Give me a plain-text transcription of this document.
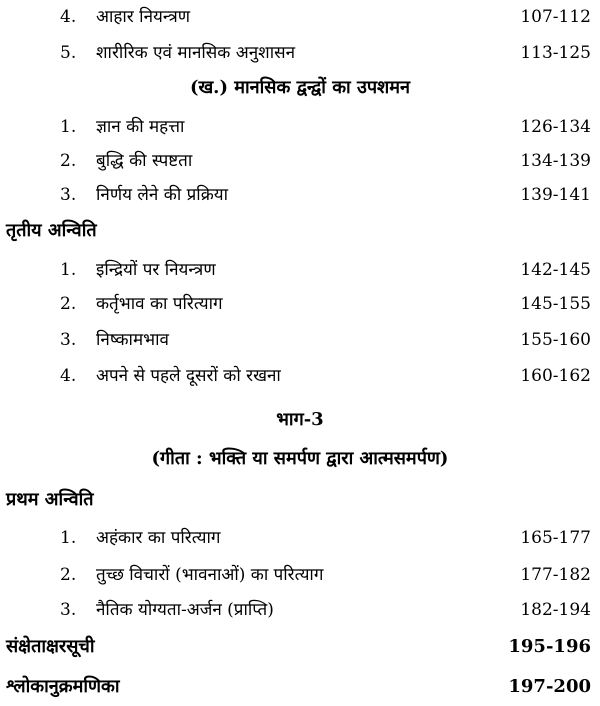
4. आहार नियन्त्रण	107-112
5. शारीरिक एवं मानसिक अनुशासन	113-125
(ख.) मानसिक द्वन्द्वों का उपशमन
1. ज्ञान की महत्ता	126-134
2. बुद्धि की स्पष्टता	134-139
3. निर्णय लेने की प्रक्रिया	139-141
तृतीय अन्विति
1. इन्द्रियों पर नियन्त्रण	142-145
2. कर्तृभाव का परित्याग	145-155
3. निष्कामभाव	155-160
4. अपने से पहले दूसरों को रखना	160-162
भाग-3
(गीता : भक्ति या समर्पण द्वारा आत्मसमर्पण)
प्रथम अन्विति
1. अहंकार का परित्याग	165-177
2. तुच्छ विचारों (भावनाओं) का परित्याग	177-182
3. नैतिक योग्यता-अर्जन (प्राप्ति)	182-194
संक्षेताक्षरसूची	195-196
श्लोकानुक्रमणिका	197-200
